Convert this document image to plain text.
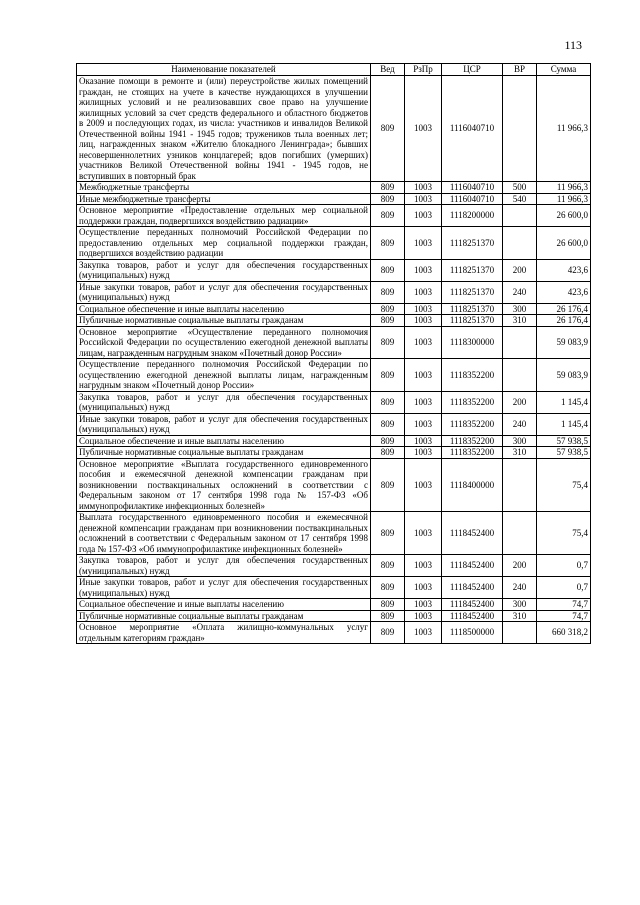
113
Наименование показателей	Вед	РзПр	ЦСР	ВР	Сумма
Оказание помощи в ремонте и (или) переустройстве жилых помещений граждан, не стоящих на учете в качестве нуждающихся в улучшении жилищных условий и не реализовавших свое право на улучшение жилищных условий за счет средств федерального и областного бюджетов в 2009 и последующих годах, из числа: участников и инвалидов Великой Отечественной войны 1941 - 1945 годов; тружеников тыла военных лет; лиц, награжденных знаком «Жителю блокадного Ленинграда»; бывших несовершеннолетних узников концлагерей; вдов погибших (умерших) участников Великой Отечественной войны 1941 - 1945 годов, не вступивших в повторный брак	809	1003	1116040710		11 966,3
Межбюджетные трансферты	809	1003	1116040710	500	11 966,3
Иные межбюджетные трансферты	809	1003	1116040710	540	11 966,3
Основное мероприятие «Предоставление отдельных мер социальной поддержки граждан, подвергшихся воздействию радиации»	809	1003	1118200000		26 600,0
Осуществление переданных полномочий Российской Федерации по предоставлению отдельных мер социальной поддержки граждан, подвергшихся воздействию радиации	809	1003	1118251370		26 600,0
Закупка товаров, работ и услуг для обеспечения государственных (муниципальных) нужд	809	1003	1118251370	200	423,6
Иные закупки товаров, работ и услуг для обеспечения государственных (муниципальных) нужд	809	1003	1118251370	240	423,6
Социальное обеспечение и иные выплаты населению	809	1003	1118251370	300	26 176,4
Публичные нормативные социальные выплаты гражданам	809	1003	1118251370	310	26 176,4
Основное мероприятие «Осуществление переданного полномочия Российской Федерации по осуществлению ежегодной денежной выплаты лицам, награжденным нагрудным знаком «Почетный донор России»	809	1003	1118300000		59 083,9
Осуществление переданного полномочия Российской Федерации по осуществлению ежегодной денежной выплаты лицам, награжденным нагрудным знаком «Почетный донор России»	809	1003	1118352200		59 083,9
Закупка товаров, работ и услуг для обеспечения государственных (муниципальных) нужд	809	1003	1118352200	200	1 145,4
Иные закупки товаров, работ и услуг для обеспечения государственных (муниципальных) нужд	809	1003	1118352200	240	1 145,4
Социальное обеспечение и иные выплаты населению	809	1003	1118352200	300	57 938,5
Публичные нормативные социальные выплаты гражданам	809	1003	1118352200	310	57 938,5
Основное мероприятие «Выплата государственного единовременного пособия и ежемесячной денежной компенсации гражданам при возникновении поствакцинальных осложнений в соответствии с Федеральным законом от 17 сентября 1998 года № 157-ФЗ «Об иммунопрофилактике инфекционных болезней»	809	1003	1118400000		75,4
Выплата государственного единовременного пособия и ежемесячной денежной компенсации гражданам при возникновении поствакцинальных осложнений в соответствии с Федеральным законом от 17 сентября 1998 года № 157-ФЗ «Об иммунопрофилактике инфекционных болезней»	809	1003	1118452400		75,4
Закупка товаров, работ и услуг для обеспечения государственных (муниципальных) нужд	809	1003	1118452400	200	0,7
Иные закупки товаров, работ и услуг для обеспечения государственных (муниципальных) нужд	809	1003	1118452400	240	0,7
Социальное обеспечение и иные выплаты населению	809	1003	1118452400	300	74,7
Публичные нормативные социальные выплаты гражданам	809	1003	1118452400	310	74,7
Основное мероприятие «Оплата жилищно-коммунальных услуг отдельным категориям граждан»	809	1003	1118500000		660 318,2
